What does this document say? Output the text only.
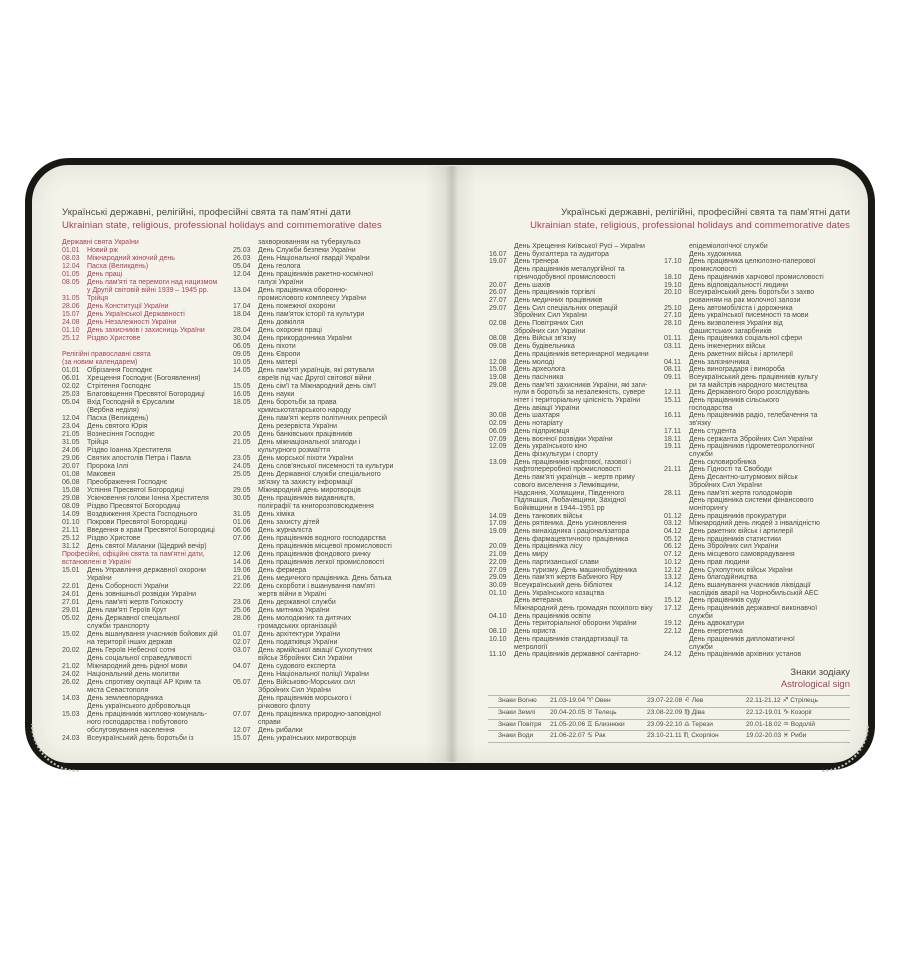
Українські державні, релігійні, професійні свята та пам'ятні дати
Ukrainian state, religious, professional holidays and commemorative dates
Українські державні, релігійні, професійні свята та пам'ятні дати
Ukrainian state, religious, professional holidays and commemorative dates
Державні свята України
01.01 Новий рік
08.03 Міжнародний жіночий день
12.04 Пасха (Великдень)
01.05 День праці
08.05 День пам'яті та перемоги над нацизмом
у Другій світовій війні 1939 – 1945 рр.
31.05 Трійця
28.06 День Конституції України
15.07 День Української Державності
24.08 День Незалежності України
01.10 День захисників і захисниць України
25.12 Різдво Христове
Релігійні православні свята
(за новим календарем)
01.01 Обрізання Господнє
06.01 Хрещення Господнє (Богоявлення)
02.02 Стрітення Господнє
25.03 Благовіщення Пресвятої Богородиці
05.04 Вхід Господній в Єрусалим
(Вербна неділя)
12.04 Пасха (Великдень)
23.04 День святого Юрія
21.05 Вознесіння Господнє
31.05 Трійця
24.06 Різдво Іоанна Хрестителя
29.06 Святих апостолів Петра і Павла
20.07 Пророка Іллі
01.08 Маковея
06.08 Преображення Господнє
15.08 Успіння Пресвятої Богородиці
29.08 Усікновення голови Іонна Хрестителя
08.09 Різдво Пресвятої Богородиці
14.09 Воздвиження Хреста Господнього
01.10 Покрови Пресвятої Богородиці
21.11 Введення в храм Пресвятої Богородиці
25.12 Різдво Христове
31.12 День святої Маланки (Щедрий вечір)
Професійні, офіційні свята та пам'ятні дати,
встановлені в Україні
15.01 День Управління державної охорони
України
22.01 День Соборності України
24.01 День зовнішньої розвідки України
27.01 День пам'яті жертв Голокосту
29.01 День пам'яті Героїв Крут
05.02 День Державної спеціальної
служби транспорту
15.02 День вшанування учасників бойових дій
на території інших держав
20.02 День Героїв Небесної сотні
День соціальної справедливості
21.02 Міжнародний день рідної мови
24.02 Національний день молитви
26.02 День спротиву окупації АР Крим та
міста Севастополя
14.03 День землевпорядника
День українського добровольця
15.03 День працівників житлово-комуналь-
ного господарства і побутового
обслуговування населення
24.03 Всеукраїнський день боротьби із
захворюванням на туберкульоз
25.03 День Служби безпеки України
26.03 День Національної гвардії України
05.04 День геолога
12.04 День працівників ракетно-космічної
галузі України
13.04 День працівника оборонно-
промислового комплексу України
17.04 День пожежної охорони
18.04 День пам'яток історії та культури
День довкілля
28.04 День охорони праці
30.04 День прикордонника України
06.05 День піхоти
09.05 День Європи
10.05 День матері
14.05 День пам'яті українців, які рятували
євреїв під час Другої світової війни
15.05 День сім'ї та Міжнародний день сім'ї
16.05 День науки
18.05 День боротьби за права
кримськотатарського народу
День пам'яті жертв політичних репресій
День резервіста України
20.05 День банківських працівників
21.05 День міжнаціональної злагоди і
культурного розмаїття
23.05 День морської піхоти України
24.05 День слов'янської писемності та культури
25.05 День Державної служби спеціального
зв'язку та захисту інформації
29.05 Міжнародний день миротворців
30.05 День працівників видавництв,
поліграфії та книгорозповсюдження
31.05 День хіміка
01.06 День захисту дітей
06.06 День журналіста
07.06 День працівників водного господарства
День працівників місцевої промисловості
12.06 День працівників фондового ринку
14.06 День працівників легкої промисловості
19.06 День фермера
21.06 День медичного працівника. День батька
22.06 День скорботи і вшанування пам'яті
жертв війни в Україні
23.06 День державної служби
25.06 День митника України
28.06 День молодіжних та дитячих
громадських організацій
01.07 День архітектури України
02.07 День податківця України
03.07 День армійської авіації Сухопутних
військ Збройних Сил України
04.07 День судового експерта
День Національної поліції України
05.07 День Військово-Морських сил
Збройних Сил України
День працівників морського і
річкового флоту
07.07 День працівника природно-заповідної
справи
12.07 День рибалки
15.07 День українських миротворців
День Хрещення Київської Русі – України
16.07 День бухгалтера та аудитора
19.07 День тренера
День працівників металургійної та
гірничодобувної промисловості
20.07 День шахів
26.07 День працівників торгівлі
27.07 День медичних працівників
29.07 День Сил спеціальних операцій
Збройних Сил України
02.08 День Повітряних Сил
Збройних сил України
08.08 День Військ зв'язку
09.08 День будівельника
День працівників ветеринарної медицини
12.08 День молоді
15.08 День археолога
19.08 День пасічника
29.08 День пам'яті захисників України, які заги-
нули в боротьбі за незалежність, сувере
нітет і територіальну цілісність України
День авіації України
30.08 День шахтаря
02.09 День нотаріату
06.09 День підприємця
07.09 День воєнної розвідки України
12.09 День українського кіно
День фізкультури і спорту
13.09 День працівників нафтової, газової і
нафтопереробної промисловості
День пам'яті українців – жертв приму
сового виселення з Лемківщини,
Надсяння, Холмщини, Південного
Підляшшя, Любачівщини, Західної
Бойківщини в 1944–1951 рр
14.09 День танкових військ
17.09 День рятівника. День усиновлення
19.09 День винахідника і раціоналізатора
День фармацевтичного працівника
20.09 День працівника лісу
21.09 День миру
22.09 День партизанської слави
27.09 День туризму. День машинобудівника
29.09 День пам'яті жертв Бабиного Яру
30.09 Всеукраїнський день бібліотек
01.10 День Українського козацтва
День ветерана
Міжнародний день громадян похилого віку
04.10 День працівників освіти
День територіальної оборони України
08.10 День юриста
10.10 День працівників стандартизації та
метрології
11.10 День працівників державної санітарно-
епідеміологічної служби
День художника
17.10 День працівника целюлозно-паперової
промисловості
18.10 День працівників харчової промисловості
19.10 День відповідальності людини
20.10 Всеукраїнський день боротьби з захво
рюванням на рак молочної залози
25.10 День автомобіліста і дорожника
27.10 День української писемності та мови
28.10 День визволення України від
фашистських загарбників
01.11 День працівника соціальної сфери
03.11 День інженерних військ
День ракетних військ і артилерії
04.11 День залізничника
08.11 День виноградаря і винороба
09.11 Всеукраїнський день працівників культу
ри та майстрів народного мистецтва
12.11 День Державного бюро розслідувань
15.11 День працівників сільського
господарства
16.11 День працівників радіо, телебачення та
зв'язку
17.11 День студента
18.11 День сержанта Збройних Сил України
19.11 День працівників гідрометеорологічної
служби
День скловиробника
21.11 День Гідності та Свободи
День Десантно-штурмових військ
Збройних Сил України
28.11 День пам'яті жертв голодоморів
День працівника системи фінансового
моніторингу
01.12 День працівників прокуратури
03.12 Міжнародний день людей з інвалідністю
04.12 День ракетних військ і артилерії
05.12 День працівників статистики
06.12 День Збройних сил України
07.12 День місцевого самоврядування
10.12 День прав людини
12.12 День Сухопутних військ України
13.12 День благодійництва
14.12 День вшанування учасників ліквідації
наслідків аварії на Чорнобильській АЕС
15.12 День працівників суду
17.12 День працівників державної виконавчої
служби
19.12 День адвокатури
22.12 День енергетика
День працівників дипломатичної
служби
24.12 День працівників архівних установ
Знаки зодіаку
Astrological sign
Знаки Вогню	21.03-19.04 ♈ Овен	23.07-22.08 ♌ Лев	22.11-21.12 ♐ Стрілець
Знаки Землі	20.04-20.05 ♉ Телець	23.08-22.09 ♍ Діва	22.12-19.01 ♑ Козоріг
Знаки Повітря	21.05-20.06 ♊ Близнюки	23.09-22.10 ♎ Терези	20.01-18.02 ♒ Водолій
Знаки Води	21.06-22.07 ♋ Рак	23.10-21.11 ♏ Скорпіон	19.02-20.03 ♓ Риби
